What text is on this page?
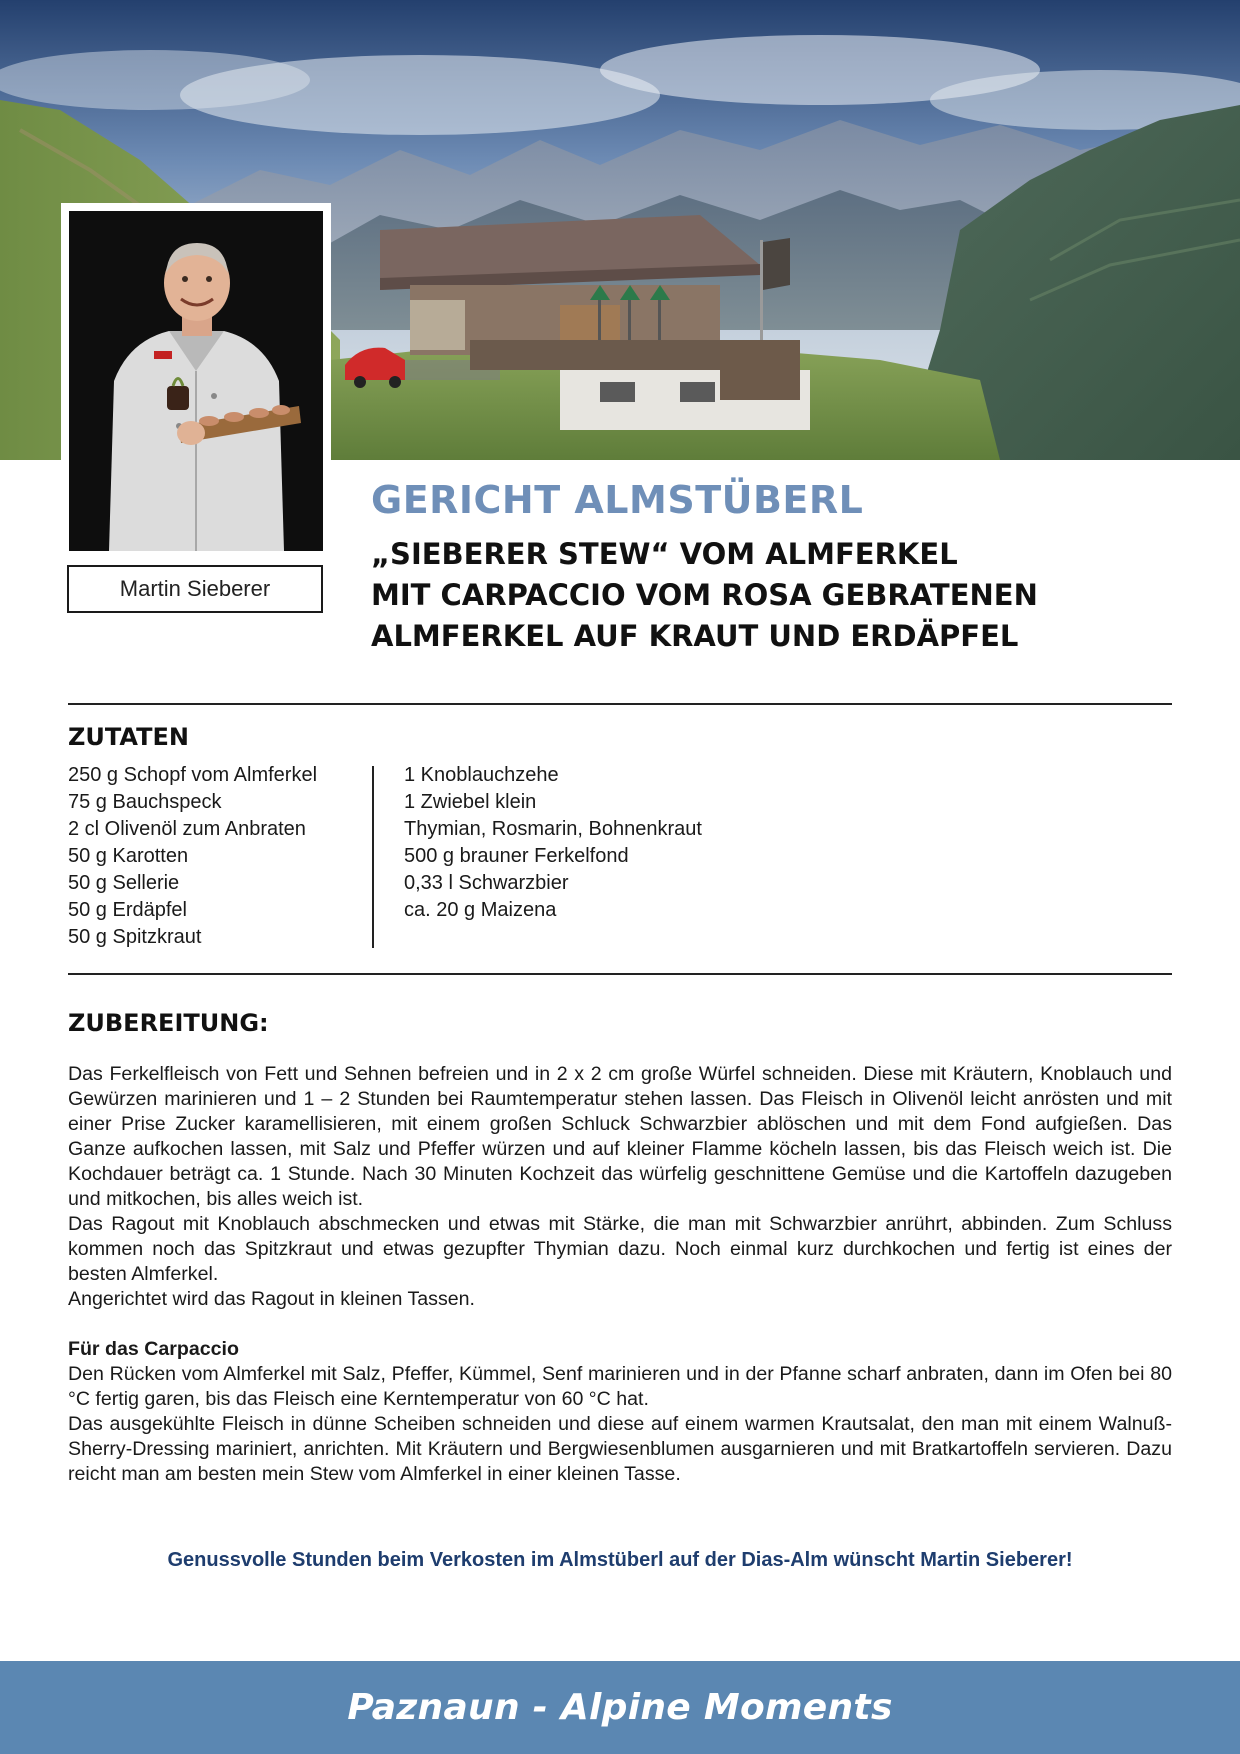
Martin Sieberer
GERICHT ALMSTÜBERL
„SIEBERER STEW“ VOM ALMFERKEL
MIT CARPACCIO VOM ROSA GEBRATENEN
ALMFERKEL AUF KRAUT UND ERDÄPFEL
ZUTATEN
250 g Schopf vom Almferkel
75 g Bauchspeck
2 cl Olivenöl zum Anbraten
50 g Karotten
50 g Sellerie
50 g Erdäpfel
50 g Spitzkraut
1 Knoblauchzehe
1 Zwiebel klein
Thymian, Rosmarin, Bohnenkraut
500 g brauner Ferkelfond
0,33 l Schwarzbier
ca. 20 g Maizena
ZUBEREITUNG:

Das Ferkelfleisch von Fett und Sehnen befreien und in 2 x 2 cm große Würfel schneiden. Diese mit Kräutern, Knoblauch und Gewürzen marinieren und 1 – 2 Stunden bei Raumtemperatur stehen lassen. Das Fleisch in Olivenöl leicht anrösten und mit einer Prise Zucker karamellisieren, mit einem großen Schluck Schwarzbier ablöschen und mit dem Fond aufgießen. Das Ganze aufkochen lassen, mit Salz und Pfeffer würzen und auf kleiner Flamme köcheln lassen, bis das Fleisch weich ist. Die Kochdauer beträgt ca. 1 Stunde. Nach 30 Minuten Kochzeit das würfelig geschnittene Gemüse und die Kartoffeln dazugeben und mitkochen, bis alles weich ist.

Das Ragout mit Knoblauch abschmecken und etwas mit Stärke, die man mit Schwarzbier anrührt, abbinden. Zum Schluss kommen noch das Spitzkraut und etwas gezupfter Thymian dazu. Noch einmal kurz durchkochen und fertig ist eines der besten Almferkel.

Angerichtet wird das Ragout in kleinen Tassen.

Für das Carpaccio

Den Rücken vom Almferkel mit Salz, Pfeffer, Kümmel, Senf marinieren und in der Pfanne scharf anbraten, dann im Ofen bei 80 °C fertig garen, bis das Fleisch eine Kerntemperatur von 60 °C hat.

Das ausgekühlte Fleisch in dünne Scheiben schneiden und diese auf einem warmen Krautsalat, den man mit einem Walnuß-Sherry-Dressing mariniert, anrichten. Mit Kräutern und Bergwiesenblumen ausgarnieren und mit Bratkartoffeln servieren. Dazu reicht man am besten mein Stew vom Almferkel in einer kleinen Tasse.

Genussvolle Stunden beim Verkosten im Almstüberl auf der Dias-Alm wünscht Martin Sieberer!
Paznaun - Alpine Moments
